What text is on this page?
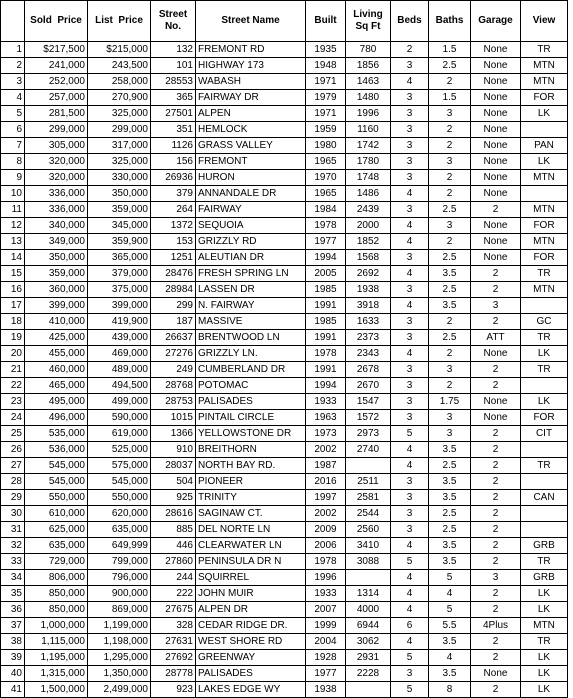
	Sold  Price	List  Price	Street No.	Street Name	Built	Living Sq Ft	Beds	Baths	Garage	View
1	$217,500	$215,000	132	FREMONT RD	1935	780	2	1.5	None	TR
2	241,000	243,500	101	HIGHWAY 173	1948	1856	3	2.5	None	MTN
3	252,000	258,000	28553	WABASH	1971	1463	4	2	None	MTN
4	257,000	270,900	365	FAIRWAY DR	1979	1480	3	1.5	None	FOR
5	281,500	325,000	27501	ALPEN	1971	1996	3	3	None	LK
6	299,000	299,000	351	HEMLOCK	1959	1160	3	2	None	
7	305,000	317,000	1126	GRASS VALLEY	1980	1742	3	2	None	PAN
8	320,000	325,000	156	FREMONT	1965	1780	3	3	None	LK
9	320,000	330,000	26936	HURON	1970	1748	3	2	None	MTN
10	336,000	350,000	379	ANNANDALE DR	1965	1486	4	2	None	
11	336,000	359,000	264	FAIRWAY	1984	2439	3	2.5	2	MTN
12	340,000	345,000	1372	SEQUOIA	1978	2000	4	3	None	FOR
13	349,000	359,900	153	GRIZZLY RD	1977	1852	4	2	None	MTN
14	350,000	365,000	1251	ALEUTIAN DR	1994	1568	3	2.5	None	FOR
15	359,000	379,000	28476	FRESH SPRING LN	2005	2692	4	3.5	2	TR
16	360,000	375,000	28984	LASSEN DR	1985	1938	3	2.5	2	MTN
17	399,000	399,000	299	N. FAIRWAY	1991	3918	4	3.5	3	
18	410,000	419,900	187	MASSIVE	1985	1633	3	2	2	GC
19	425,000	439,000	26637	BRENTWOOD LN	1991	2373	3	2.5	ATT	TR
20	455,000	469,000	27276	GRIZZLY LN.	1978	2343	4	2	None	LK
21	460,000	489,000	249	CUMBERLAND DR	1991	2678	3	3	2	TR
22	465,000	494,500	28768	POTOMAC	1994	2670	3	2	2	
23	495,000	499,000	28753	PALISADES	1933	1547	3	1.75	None	LK
24	496,000	590,000	1015	PINTAIL CIRCLE	1963	1572	3	3	None	FOR
25	535,000	619,000	1366	YELLOWSTONE DR	1973	2973	5	3	2	CIT
26	536,000	525,000	910	BREITHORN	2002	2740	4	3.5	2	
27	545,000	575,000	28037	NORTH BAY RD.	1987		4	2.5	2	TR
28	545,000	545,000	504	PIONEER	2016	2511	3	3.5	2	
29	550,000	550,000	925	TRINITY	1997	2581	3	3.5	2	CAN
30	610,000	620,000	28616	SAGINAW CT.	2002	2544	3	2.5	2	
31	625,000	635,000	885	DEL NORTE LN	2009	2560	3	2.5	2	
32	635,000	649,999	446	CLEARWATER LN	2006	3410	4	3.5	2	GRB
33	729,000	799,000	27860	PENINSULA DR N	1978	3088	5	3.5	2	TR
34	806,000	796,000	244	SQUIRREL	1996		4	5	3	GRB
35	850,000	900,000	222	JOHN MUIR	1933	1314	4	4	2	LK
36	850,000	869,000	27675	ALPEN DR	2007	4000	4	5	2	LK
37	1,000,000	1,199,000	328	CEDAR RIDGE DR.	1999	6944	6	5.5	4Plus	MTN
38	1,115,000	1,198,000	27631	WEST SHORE RD	2004	3062	4	3.5	2	TR
39	1,195,000	1,295,000	27692	GREENWAY	1928	2931	5	4	2	LK
40	1,315,000	1,350,000	28778	PALISADES	1977	2228	3	3.5	None	LK
41	1,500,000	2,499,000	923	LAKES EDGE WY	1938		5	8	2	LK
